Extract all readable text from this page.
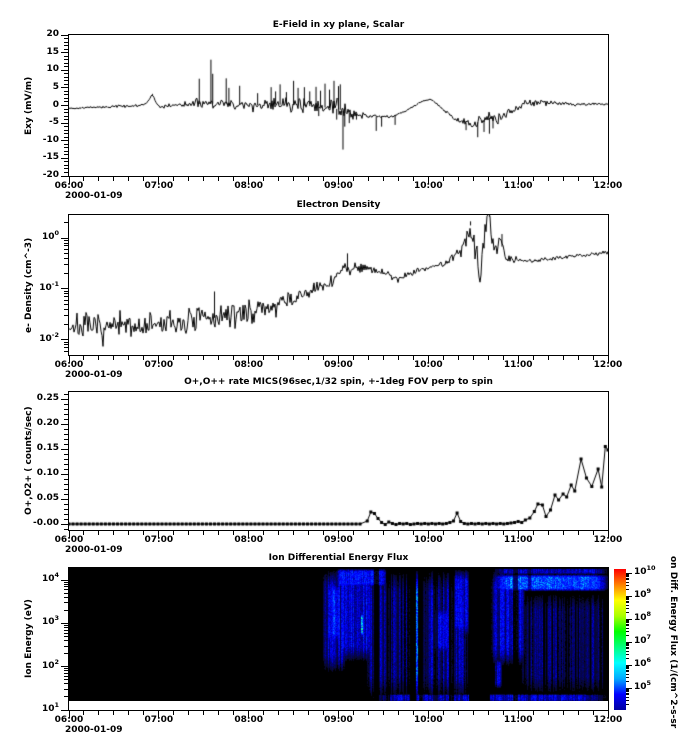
E-Field in xy plane, Scalar
Electron Density
O+,O++ rate MICS(96sec,1/32 spin, +-1deg FOV perp to spin
Ion Differential Energy Flux
Exy (mV/m)
e- Density (cm^-3)
O+,O2+ ( counts/sec)
Ion Energy (eV)
2000-01-09
2000-01-09
2000-01-09
2000-01-09
on Diff. Energy Flux (1/(cm^2-s-sr
06:00	07:00	08:00	09:00	10:00	11:00	12:00
06:00	07:00	08:00	09:00	10:00	11:00	12:00
06:00	07:00	08:00	09:00	10:00	11:00	12:00
06:00	07:00	08:00	09:00	10:00	11:00	12:00
20
15
10
5
0
-5
-10
-15
-20
$10^0$
$10^{-1}$
$10^{-2}$
0.25
0.20
0.15
0.10
0.05
-0.00
$10^4$
$10^3$
$10^2$
$10^1$
$10^{10}$
$10^9$
$10^8$
$10^7$
$10^6$
$10^5$
